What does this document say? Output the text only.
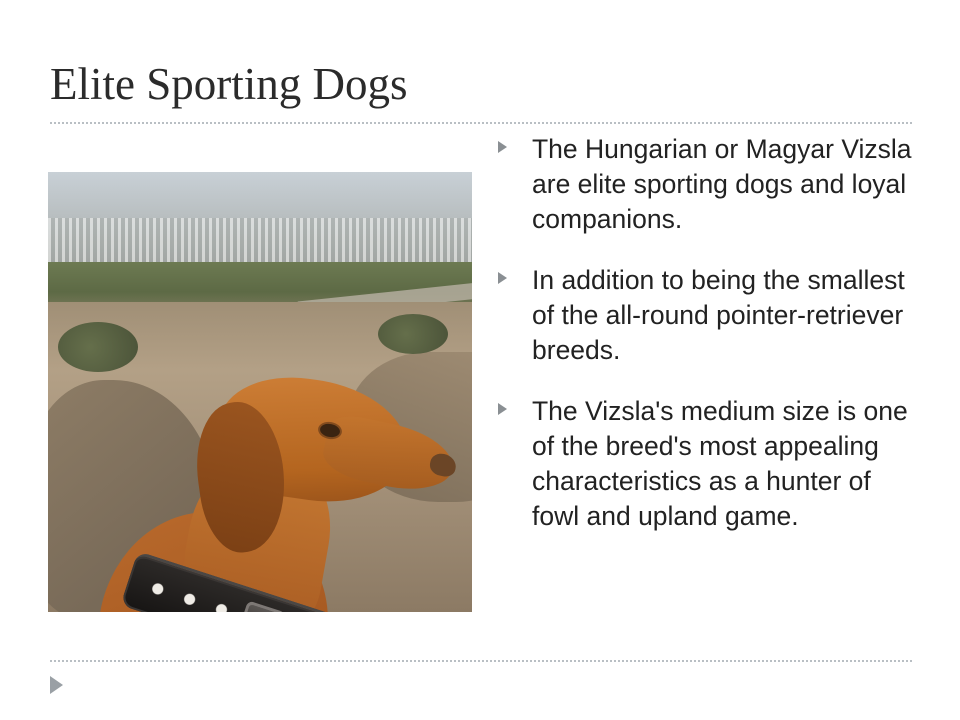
Elite Sporting Dogs
The Hungarian or Magyar Vizsla are elite sporting dogs and loyal companions.
In addition to being the smallest of the all-round pointer-retriever breeds.
The Vizsla's medium size is one of the breed's most appealing characteristics as a hunter of fowl and upland game.
